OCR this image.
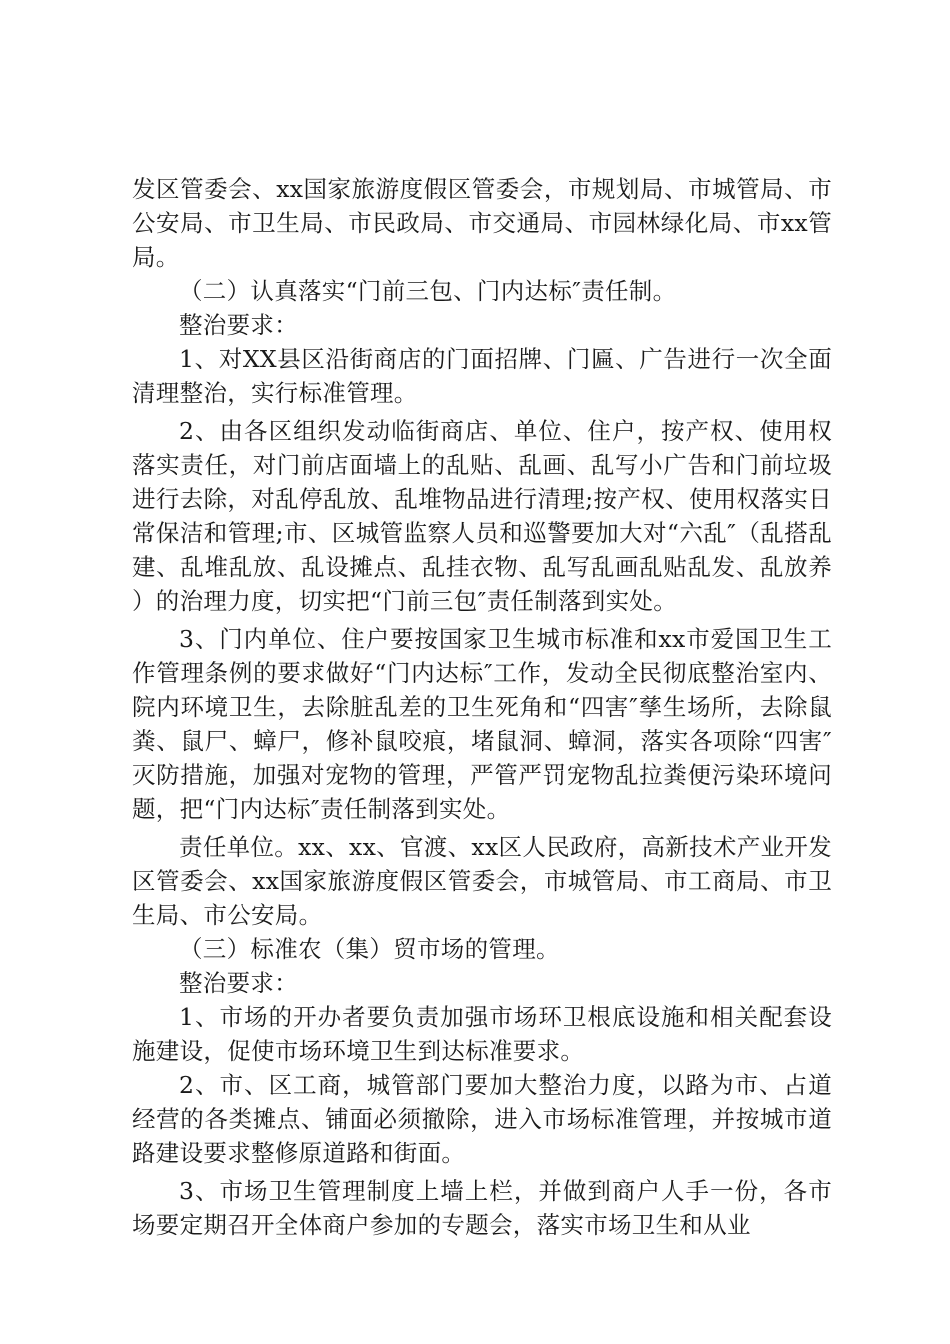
发区管委会、xx国家旅游度假区管委会，市规划局、市城管局、市公安局、市卫生局、市民政局、市交通局、市园林绿化局、市xx管局。

（二）认真落实“门前三包、门内达标″责任制。

整治要求：

1、对XX县区沿街商店的门面招牌、门匾、广告进行一次全面清理整治，实行标准管理。

2、由各区组织发动临街商店、单位、住户，按产权、使用权落实责任，对门前店面墙上的乱贴、乱画、乱写小广告和门前垃圾进行去除，对乱停乱放、乱堆物品进行清理;按产权、使用权落实日常保洁和管理;市、区城管监察人员和巡警要加大对“六乱″（乱搭乱建、乱堆乱放、乱设摊点、乱挂衣物、乱写乱画乱贴乱发、乱放养）的治理力度，切实把“门前三包″责任制落到实处。

3、门内单位、住户要按国家卫生城市标准和xx市爱国卫生工作管理条例的要求做好“门内达标″工作，发动全民彻底整治室内、院内环境卫生，去除脏乱差的卫生死角和“四害″孳生场所，去除鼠粪、鼠尸、蟑尸，修补鼠咬痕，堵鼠洞、蟑洞，落实各项除“四害″灭防措施，加强对宠物的管理，严管严罚宠物乱拉粪便污染环境问题，把“门内达标″责任制落到实处。

责任单位。xx、xx、官渡、xx区人民政府，高新技术产业开发区管委会、xx国家旅游度假区管委会，市城管局、市工商局、市卫生局、市公安局。

（三）标准农（集）贸市场的管理。

整治要求：

1、市场的开办者要负责加强市场环卫根底设施和相关配套设施建设，促使市场环境卫生到达标准要求。

2、市、区工商，城管部门要加大整治力度，以路为市、占道经营的各类摊点、铺面必须撤除，进入市场标准管理，并按城市道路建设要求整修原道路和街面。

3、市场卫生管理制度上墙上栏，并做到商户人手一份，各市场要定期召开全体商户参加的专题会，落实市场卫生和从业
